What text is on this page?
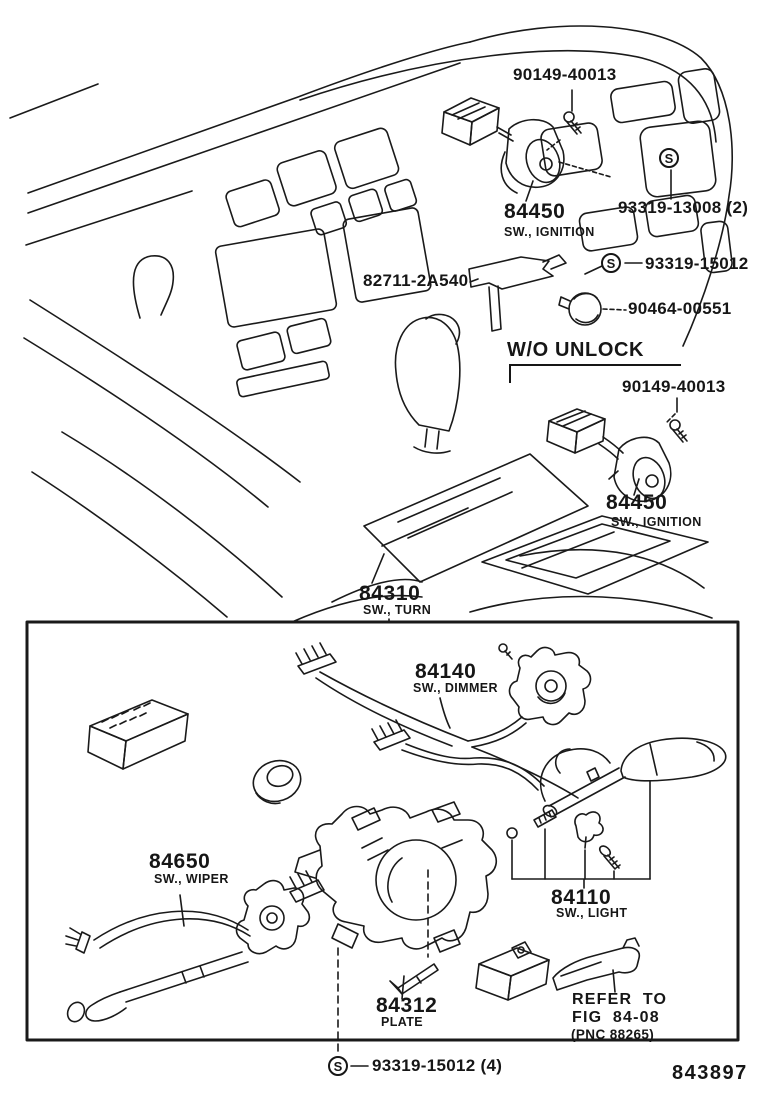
90149-40013
84450
SW., IGNITION
S
93319-13008 (2)
S 93319-15012
82711-2A540
90464-00551
W/O UNLOCK
90149-40013
84450
SW., IGNITION
84310
SW., TURN
84140
SW., DIMMER
84650
SW., WIPER
84110
SW., LIGHT
84312
PLATE
S 93319-15012 (4)
REFER TO
FIG 84-08
(PNC 88265)
843897
